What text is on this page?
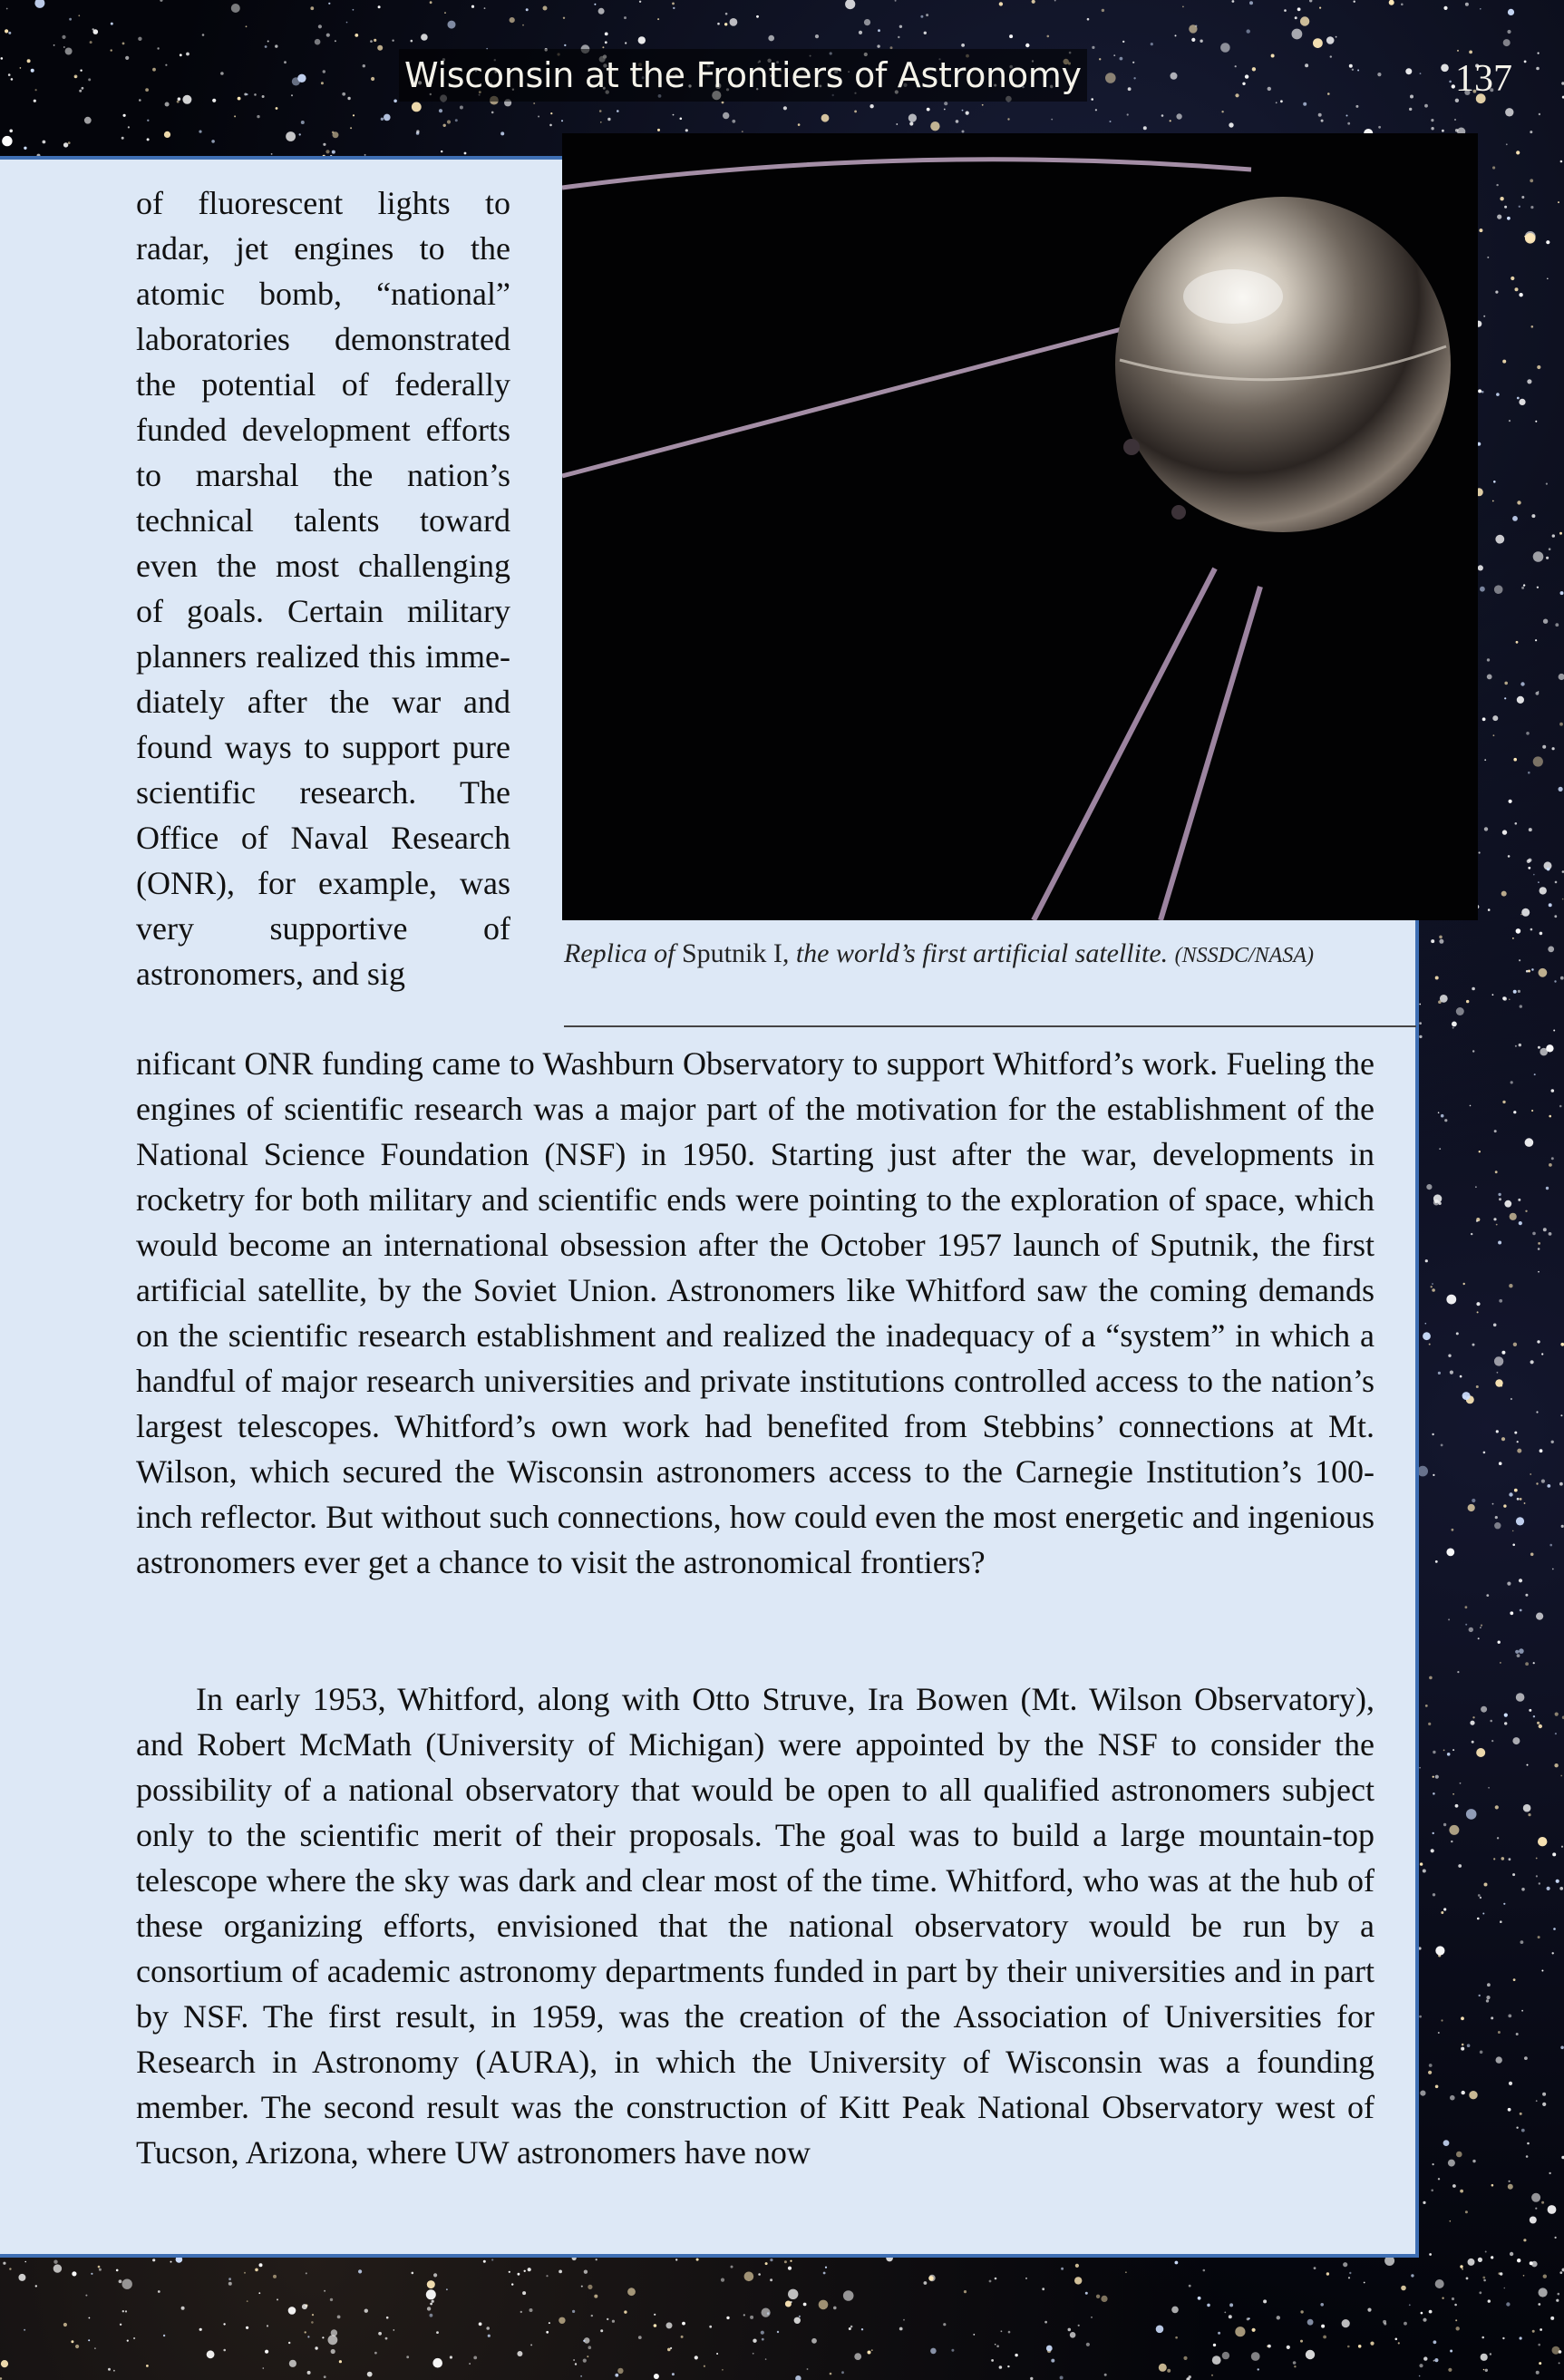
Wisconsin at the Frontiers of Astronomy	137
Replica of Sputnik I, the world’s first artificial satellite. (NSSDC/NASA)

of fluorescent lights to radar, jet engines to the atomic bomb, “national” laboratories demonstrated the potential of federally funded development efforts to marshal the nation’s technical talents toward even the most challenging of goals. Certain military planners realized this immediately after the war and found ways to support pure scientific research. The Office of Naval Research (ONR), for example, was very supportive of astronomers, and sig

nificant ONR funding came to Washburn Observatory to support Whitford’s work. Fueling the engines of scientific research was a major part of the motivation for the establishment of the National Science Foundation (NSF) in 1950. Starting just after the war, developments in rocketry for both military and scientific ends were pointing to the exploration of space, which would become an international obsession after the October 1957 launch of Sputnik, the first artificial satellite, by the Soviet Union. Astronomers like Whitford saw the coming demands on the scientific research establishment and realized the inadequacy of a “system” in which a handful of major research universities and private institutions controlled access to the nation’s largest telescopes. Whitford’s own work had benefited from Stebbins’ connections at Mt. Wilson, which secured the Wisconsin astronomers access to the Carnegie Institution’s 100-inch reflector. But without such connections, how could even the most energetic and ingenious astronomers ever get a chance to visit the astronomical frontiers?

In early 1953, Whitford, along with Otto Struve, Ira Bowen (Mt. Wilson Observatory), and Robert McMath (University of Michigan) were appointed by the NSF to consider the possibility of a national observatory that would be open to all qualified astronomers subject only to the scientific merit of their proposals. The goal was to build a large mountain-top telescope where the sky was dark and clear most of the time. Whitford, who was at the hub of these organizing efforts, envisioned that the national observatory would be run by a consortium of academic astronomy departments funded in part by their universities and in part by NSF. The first result, in 1959, was the creation of the Association of Universities for Research in Astronomy (AURA), in which the University of Wisconsin was a founding member. The second result was the construction of Kitt Peak National Observatory west of Tucson, Arizona, where UW astronomers have now
